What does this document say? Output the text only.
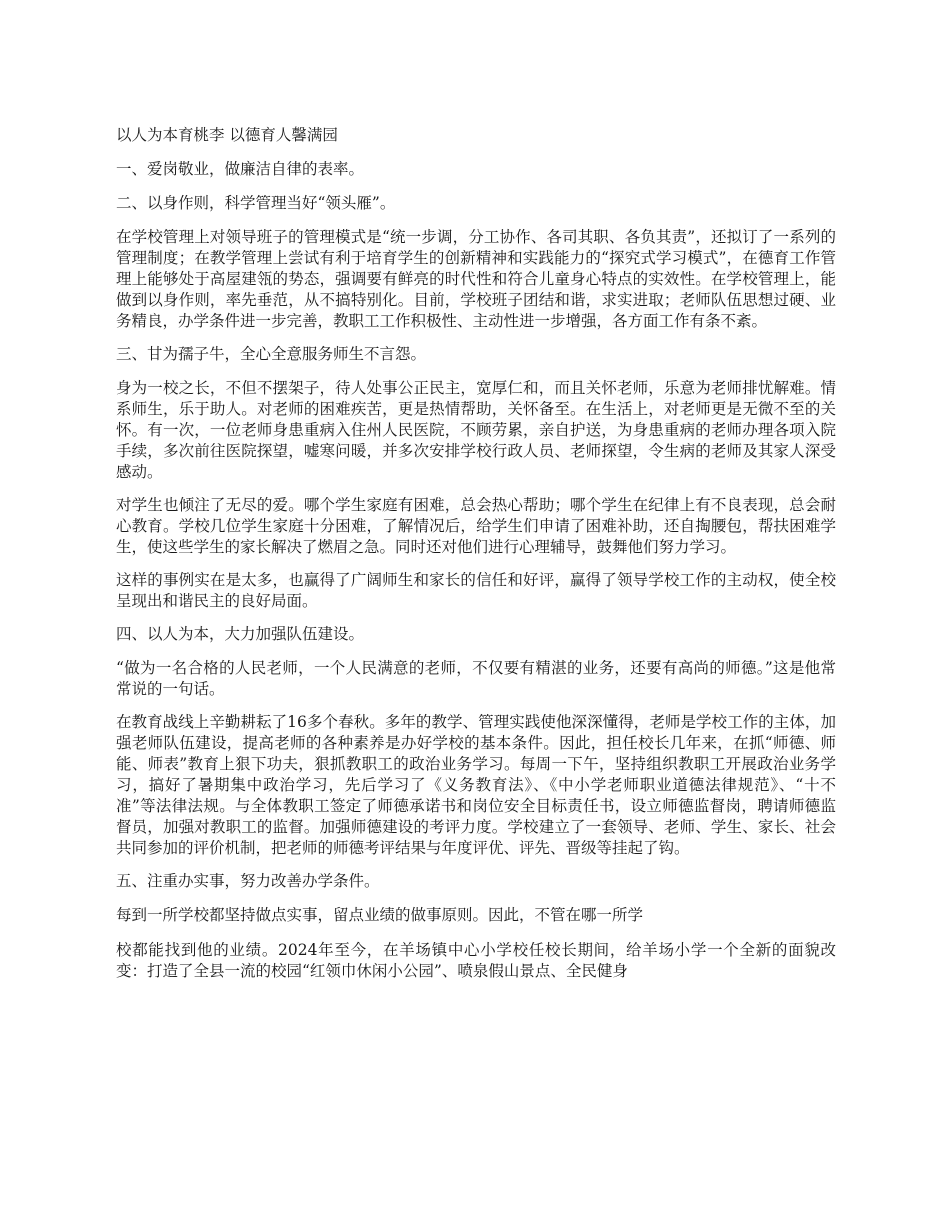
以人为本育桃李 以德育人馨满园

一、爱岗敬业，做廉洁自律的表率。

二、以身作则，科学管理当好“领头雁”。

在学校管理上对领导班子的管理模式是“统一步调，分工协作、各司其职、各负其责”，还拟订了一系列的管理制度；在教学管理上尝试有利于培育学生的创新精神和实践能力的“探究式学习模式”，在德育工作管理上能够处于高屋建瓴的势态，强调要有鲜亮的时代性和符合儿童身心特点的实效性。在学校管理上，能做到以身作则，率先垂范，从不搞特别化。目前，学校班子团结和谐，求实进取；老师队伍思想过硬、业务精良，办学条件进一步完善，教职工工作积极性、主动性进一步增强，各方面工作有条不紊。

三、甘为孺子牛，全心全意服务师生不言怨。

身为一校之长，不但不摆架子，待人处事公正民主，宽厚仁和，而且关怀老师，乐意为老师排忧解难。情系师生，乐于助人。对老师的困难疾苦，更是热情帮助，关怀备至。在生活上，对老师更是无微不至的关怀。有一次，一位老师身患重病入住州人民医院，不顾劳累，亲自护送，为身患重病的老师办理各项入院手续，多次前往医院探望，嘘寒问暖，并多次安排学校行政人员、老师探望，令生病的老师及其家人深受感动。

对学生也倾注了无尽的爱。哪个学生家庭有困难，总会热心帮助；哪个学生在纪律上有不良表现，总会耐心教育。学校几位学生家庭十分困难，了解情况后，给学生们申请了困难补助，还自掏腰包，帮扶困难学生，使这些学生的家长解决了燃眉之急。同时还对他们进行心理辅导，鼓舞他们努力学习。

这样的事例实在是太多，也赢得了广阔师生和家长的信任和好评，赢得了领导学校工作的主动权，使全校呈现出和谐民主的良好局面。

四、以人为本，大力加强队伍建设。

“做为一名合格的人民老师，一个人民满意的老师，不仅要有精湛的业务，还要有高尚的师德。”这是他常常说的一句话。

在教育战线上辛勤耕耘了16多个春秋。多年的教学、管理实践使他深深懂得，老师是学校工作的主体，加强老师队伍建设，提高老师的各种素养是办好学校的基本条件。因此，担任校长几年来，在抓“师德、师能、师表”教育上狠下功夫，狠抓教职工的政治业务学习。每周一下午，坚持组织教职工开展政治业务学习，搞好了暑期集中政治学习，先后学习了《义务教育法》、《中小学老师职业道德法律规范》、“十不准”等法律法规。与全体教职工签定了师德承诺书和岗位安全目标责任书，设立师德监督岗，聘请师德监督员，加强对教职工的监督。加强师德建设的考评力度。学校建立了一套领导、老师、学生、家长、社会共同参加的评价机制，把老师的师德考评结果与年度评优、评先、晋级等挂起了钩。

五、注重办实事，努力改善办学条件。

每到一所学校都坚持做点实事，留点业绩的做事原则。因此，不管在哪一所学

校都能找到他的业绩。2024年至今，在羊场镇中心小学校任校长期间，给羊场小学一个全新的面貌改变：打造了全县一流的校园“红领巾休闲小公园”、喷泉假山景点、全民健身
